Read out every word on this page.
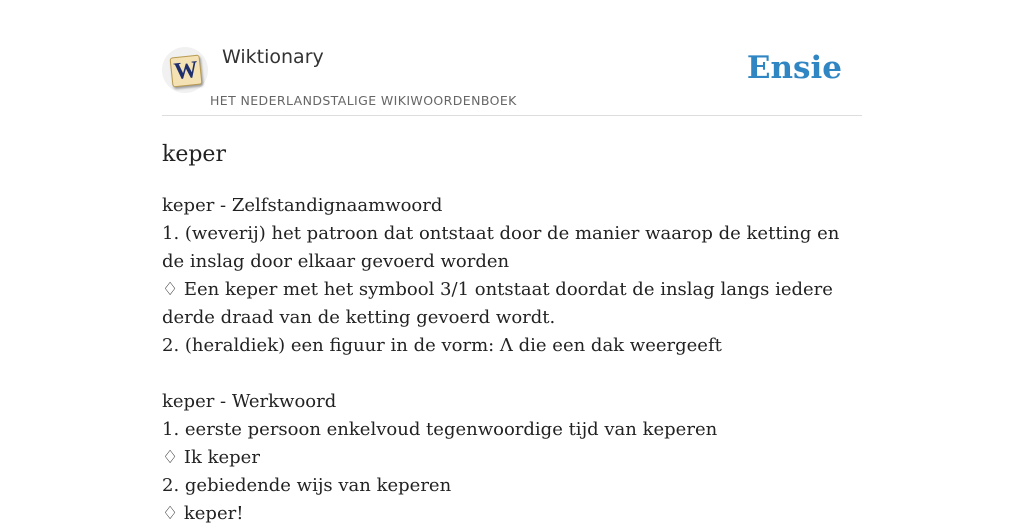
W Wiktionary
HET NEDERLANDSTALIGE WIKIWOORDENBOEK
Ensie
keper
keper - Zelfstandignaamwoord
1. (weverij) het patroon dat ontstaat door de manier waarop de ketting en de inslag door elkaar gevoerd worden
♢ Een keper met het symbool 3/1 ontstaat doordat de inslag langs iedere derde draad van de ketting gevoerd wordt.
2. (heraldiek) een figuur in de vorm: Λ die een dak weergeeft
keper - Werkwoord
1. eerste persoon enkelvoud tegenwoordige tijd van keperen
♢ Ik keper
2. gebiedende wijs van keperen
♢ keper!
